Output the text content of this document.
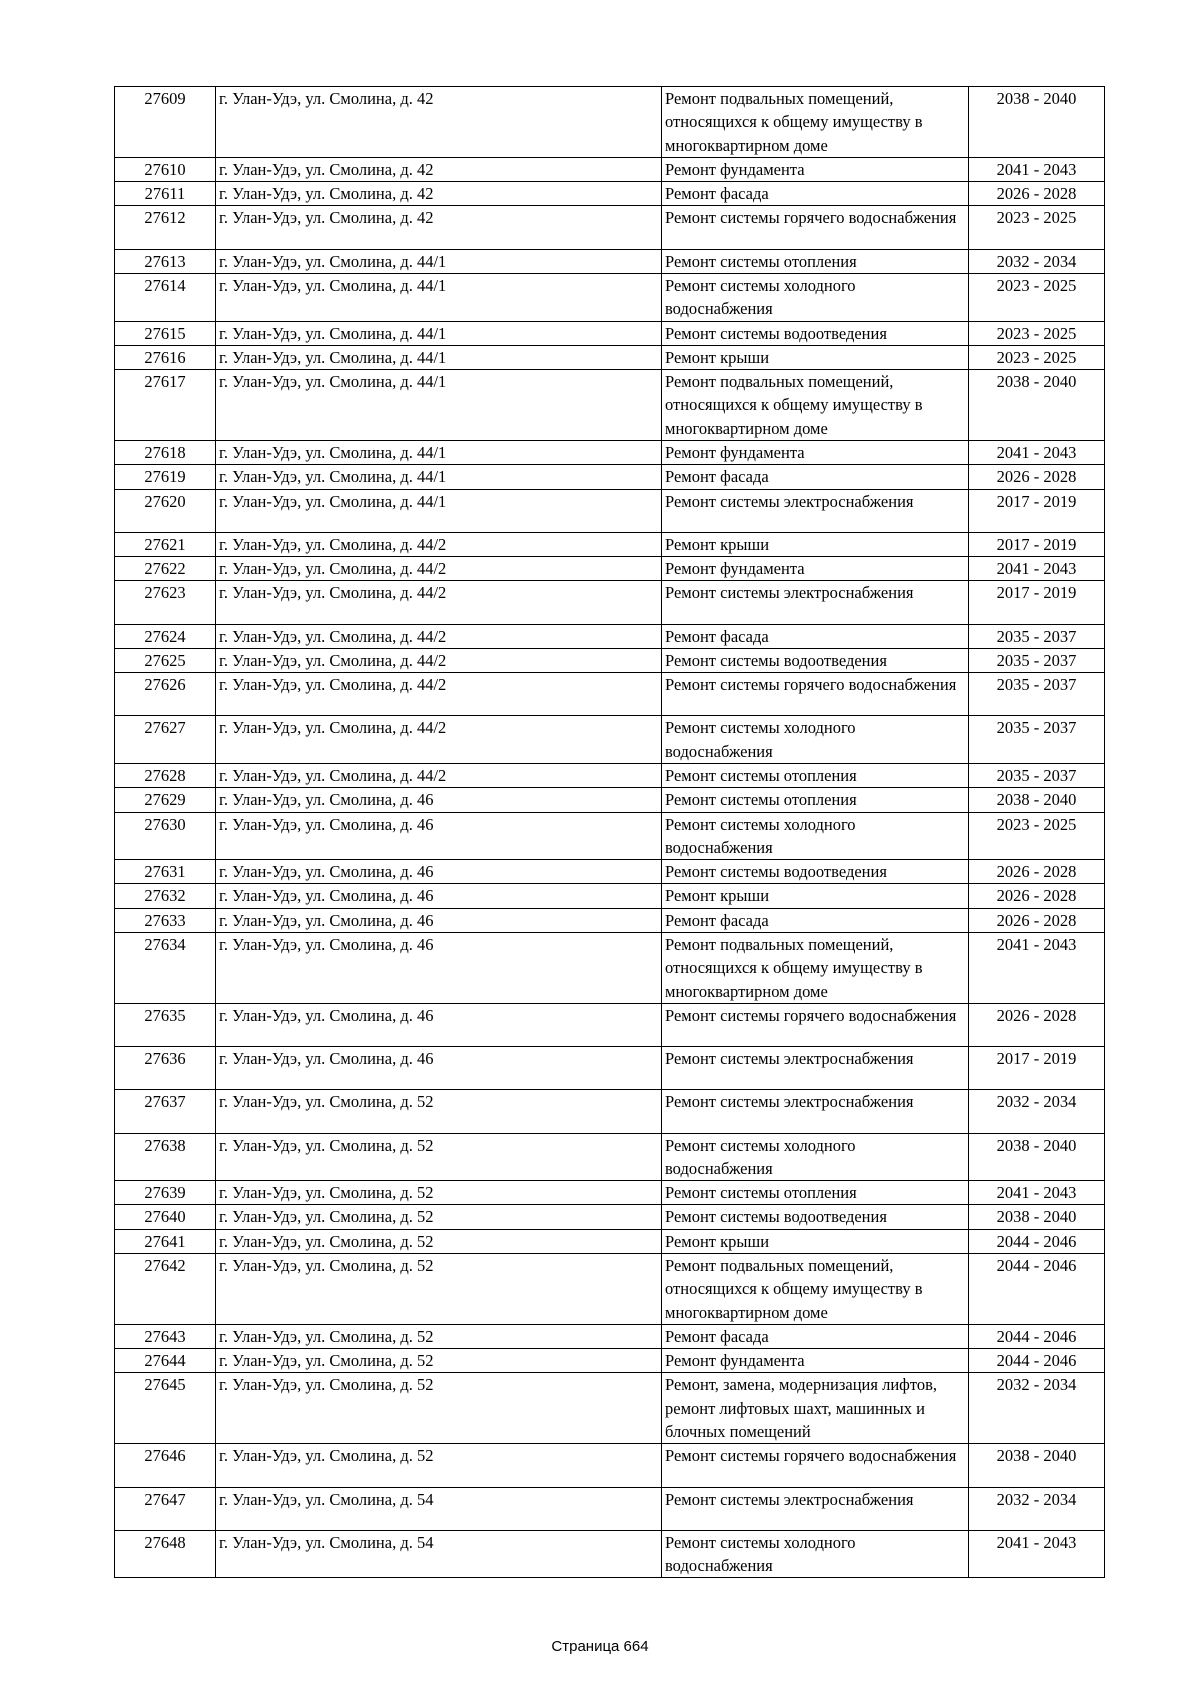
27609	г. Улан-Удэ, ул. Смолина, д. 42	Ремонт подвальных помещений, относящихся к общему имуществу в многоквартирном доме	2038 - 2040
27610	г. Улан-Удэ, ул. Смолина, д. 42	Ремонт фундамента	2041 - 2043
27611	г. Улан-Удэ, ул. Смолина, д. 42	Ремонт фасада	2026 - 2028
27612	г. Улан-Удэ, ул. Смолина, д. 42	Ремонт системы горячего водоснабжения	2023 - 2025
27613	г. Улан-Удэ, ул. Смолина, д. 44/1	Ремонт системы отопления	2032 - 2034
27614	г. Улан-Удэ, ул. Смолина, д. 44/1	Ремонт системы холодного водоснабжения	2023 - 2025
27615	г. Улан-Удэ, ул. Смолина, д. 44/1	Ремонт системы водоотведения	2023 - 2025
27616	г. Улан-Удэ, ул. Смолина, д. 44/1	Ремонт крыши	2023 - 2025
27617	г. Улан-Удэ, ул. Смолина, д. 44/1	Ремонт подвальных помещений, относящихся к общему имуществу в многоквартирном доме	2038 - 2040
27618	г. Улан-Удэ, ул. Смолина, д. 44/1	Ремонт фундамента	2041 - 2043
27619	г. Улан-Удэ, ул. Смолина, д. 44/1	Ремонт фасада	2026 - 2028
27620	г. Улан-Удэ, ул. Смолина, д. 44/1	Ремонт системы электроснабжения	2017 - 2019
27621	г. Улан-Удэ, ул. Смолина, д. 44/2	Ремонт крыши	2017 - 2019
27622	г. Улан-Удэ, ул. Смолина, д. 44/2	Ремонт фундамента	2041 - 2043
27623	г. Улан-Удэ, ул. Смолина, д. 44/2	Ремонт системы электроснабжения	2017 - 2019
27624	г. Улан-Удэ, ул. Смолина, д. 44/2	Ремонт фасада	2035 - 2037
27625	г. Улан-Удэ, ул. Смолина, д. 44/2	Ремонт системы водоотведения	2035 - 2037
27626	г. Улан-Удэ, ул. Смолина, д. 44/2	Ремонт системы горячего водоснабжения	2035 - 2037
27627	г. Улан-Удэ, ул. Смолина, д. 44/2	Ремонт системы холодного водоснабжения	2035 - 2037
27628	г. Улан-Удэ, ул. Смолина, д. 44/2	Ремонт системы отопления	2035 - 2037
27629	г. Улан-Удэ, ул. Смолина, д. 46	Ремонт системы отопления	2038 - 2040
27630	г. Улан-Удэ, ул. Смолина, д. 46	Ремонт системы холодного водоснабжения	2023 - 2025
27631	г. Улан-Удэ, ул. Смолина, д. 46	Ремонт системы водоотведения	2026 - 2028
27632	г. Улан-Удэ, ул. Смолина, д. 46	Ремонт крыши	2026 - 2028
27633	г. Улан-Удэ, ул. Смолина, д. 46	Ремонт фасада	2026 - 2028
27634	г. Улан-Удэ, ул. Смолина, д. 46	Ремонт подвальных помещений, относящихся к общему имуществу в многоквартирном доме	2041 - 2043
27635	г. Улан-Удэ, ул. Смолина, д. 46	Ремонт системы горячего водоснабжения	2026 - 2028
27636	г. Улан-Удэ, ул. Смолина, д. 46	Ремонт системы электроснабжения	2017 - 2019
27637	г. Улан-Удэ, ул. Смолина, д. 52	Ремонт системы электроснабжения	2032 - 2034
27638	г. Улан-Удэ, ул. Смолина, д. 52	Ремонт системы холодного водоснабжения	2038 - 2040
27639	г. Улан-Удэ, ул. Смолина, д. 52	Ремонт системы отопления	2041 - 2043
27640	г. Улан-Удэ, ул. Смолина, д. 52	Ремонт системы водоотведения	2038 - 2040
27641	г. Улан-Удэ, ул. Смолина, д. 52	Ремонт крыши	2044 - 2046
27642	г. Улан-Удэ, ул. Смолина, д. 52	Ремонт подвальных помещений, относящихся к общему имуществу в многоквартирном доме	2044 - 2046
27643	г. Улан-Удэ, ул. Смолина, д. 52	Ремонт фасада	2044 - 2046
27644	г. Улан-Удэ, ул. Смолина, д. 52	Ремонт фундамента	2044 - 2046
27645	г. Улан-Удэ, ул. Смолина, д. 52	Ремонт, замена, модернизация лифтов, ремонт лифтовых шахт, машинных и блочных помещений	2032 - 2034
27646	г. Улан-Удэ, ул. Смолина, д. 52	Ремонт системы горячего водоснабжения	2038 - 2040
27647	г. Улан-Удэ, ул. Смолина, д. 54	Ремонт системы электроснабжения	2032 - 2034
27648	г. Улан-Удэ, ул. Смолина, д. 54	Ремонт системы холодного водоснабжения	2041 - 2043
Страница 664
